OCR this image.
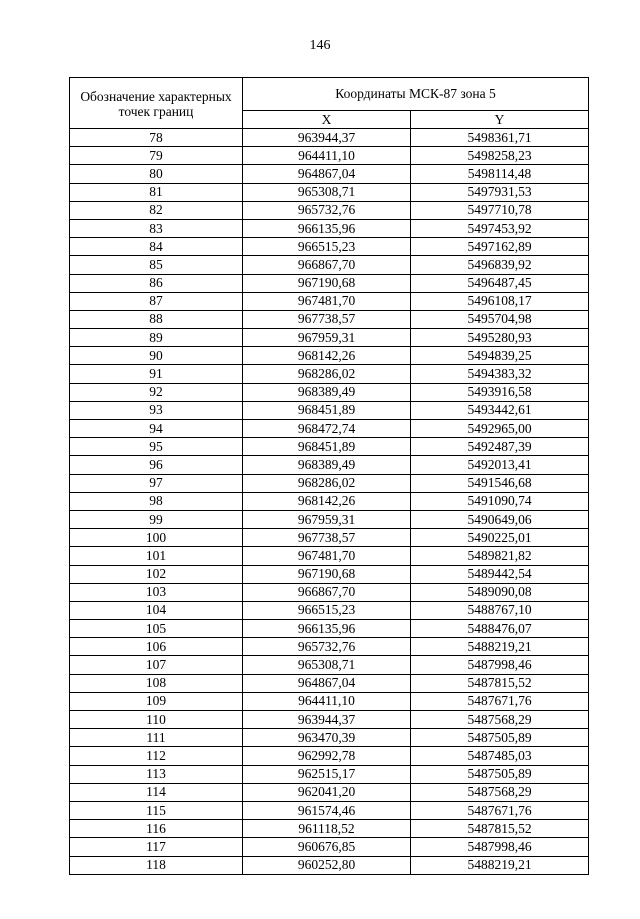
146
Обозначение характерных точек границ	Координаты МСК-87 зона 5	
	X	Y
78	963944,37	5498361,71
79	964411,10	5498258,23
80	964867,04	5498114,48
81	965308,71	5497931,53
82	965732,76	5497710,78
83	966135,96	5497453,92
84	966515,23	5497162,89
85	966867,70	5496839,92
86	967190,68	5496487,45
87	967481,70	5496108,17
88	967738,57	5495704,98
89	967959,31	5495280,93
90	968142,26	5494839,25
91	968286,02	5494383,32
92	968389,49	5493916,58
93	968451,89	5493442,61
94	968472,74	5492965,00
95	968451,89	5492487,39
96	968389,49	5492013,41
97	968286,02	5491546,68
98	968142,26	5491090,74
99	967959,31	5490649,06
100	967738,57	5490225,01
101	967481,70	5489821,82
102	967190,68	5489442,54
103	966867,70	5489090,08
104	966515,23	5488767,10
105	966135,96	5488476,07
106	965732,76	5488219,21
107	965308,71	5487998,46
108	964867,04	5487815,52
109	964411,10	5487671,76
110	963944,37	5487568,29
111	963470,39	5487505,89
112	962992,78	5487485,03
113	962515,17	5487505,89
114	962041,20	5487568,29
115	961574,46	5487671,76
116	961118,52	5487815,52
117	960676,85	5487998,46
118	960252,80	5488219,21
